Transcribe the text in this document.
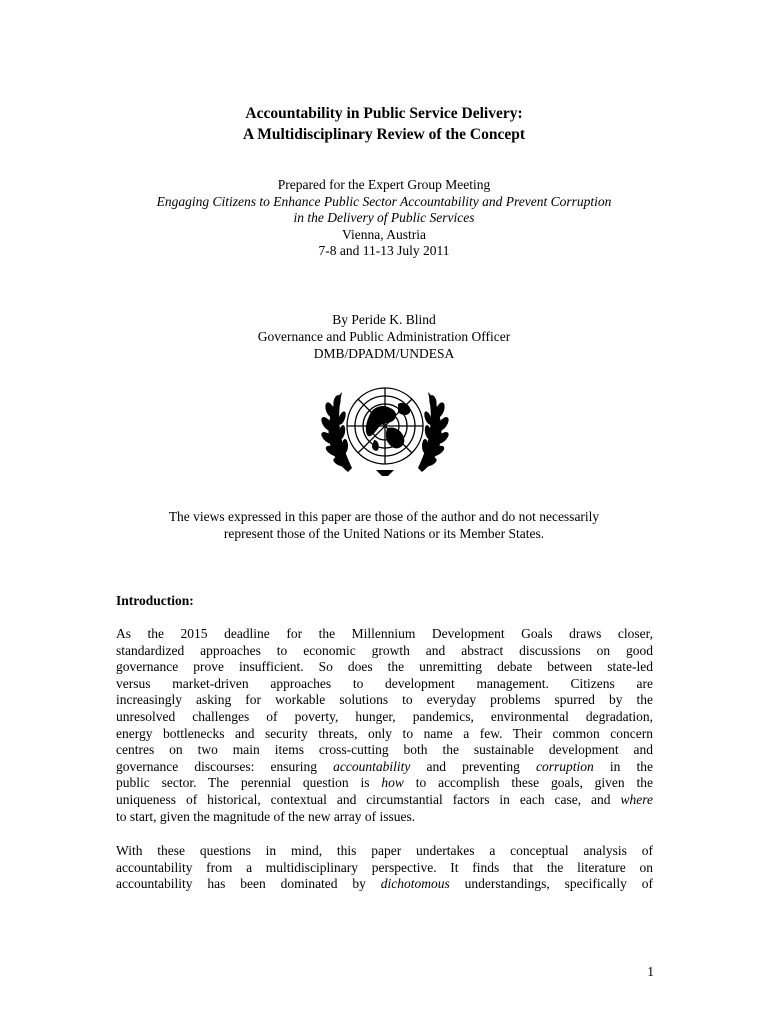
Accountability in Public Service Delivery:
A Multidisciplinary Review of the Concept
Prepared for the Expert Group Meeting
Engaging Citizens to Enhance Public Sector Accountability and Prevent Corruption
in the Delivery of Public Services
Vienna, Austria
7-8 and 11-13 July 2011
By Peride K. Blind
Governance and Public Administration Officer
DMB/DPADM/UNDESA
The views expressed in this paper are those of the author and do not necessarily
represent those of the United Nations or its Member States.
Introduction:
As the 2015 deadline for the Millennium Development Goals draws closer,
standardized approaches to economic growth and abstract discussions on good
governance prove insufficient. So does the unremitting debate between state-led
versus market-driven approaches to development management. Citizens are
increasingly asking for workable solutions to everyday problems spurred by the
unresolved challenges of poverty, hunger, pandemics, environmental degradation,
energy bottlenecks and security threats, only to name a few. Their common concern
centres on two main items cross-cutting both the sustainable development and
governance discourses: ensuring accountability and preventing corruption in the
public sector. The perennial question is how to accomplish these goals, given the
uniqueness of historical, contextual and circumstantial factors in each case, and where
to start, given the magnitude of the new array of issues.
With these questions in mind, this paper undertakes a conceptual analysis of
accountability from a multidisciplinary perspective. It finds that the literature on
accountability has been dominated by dichotomous understandings, specifically of
1
